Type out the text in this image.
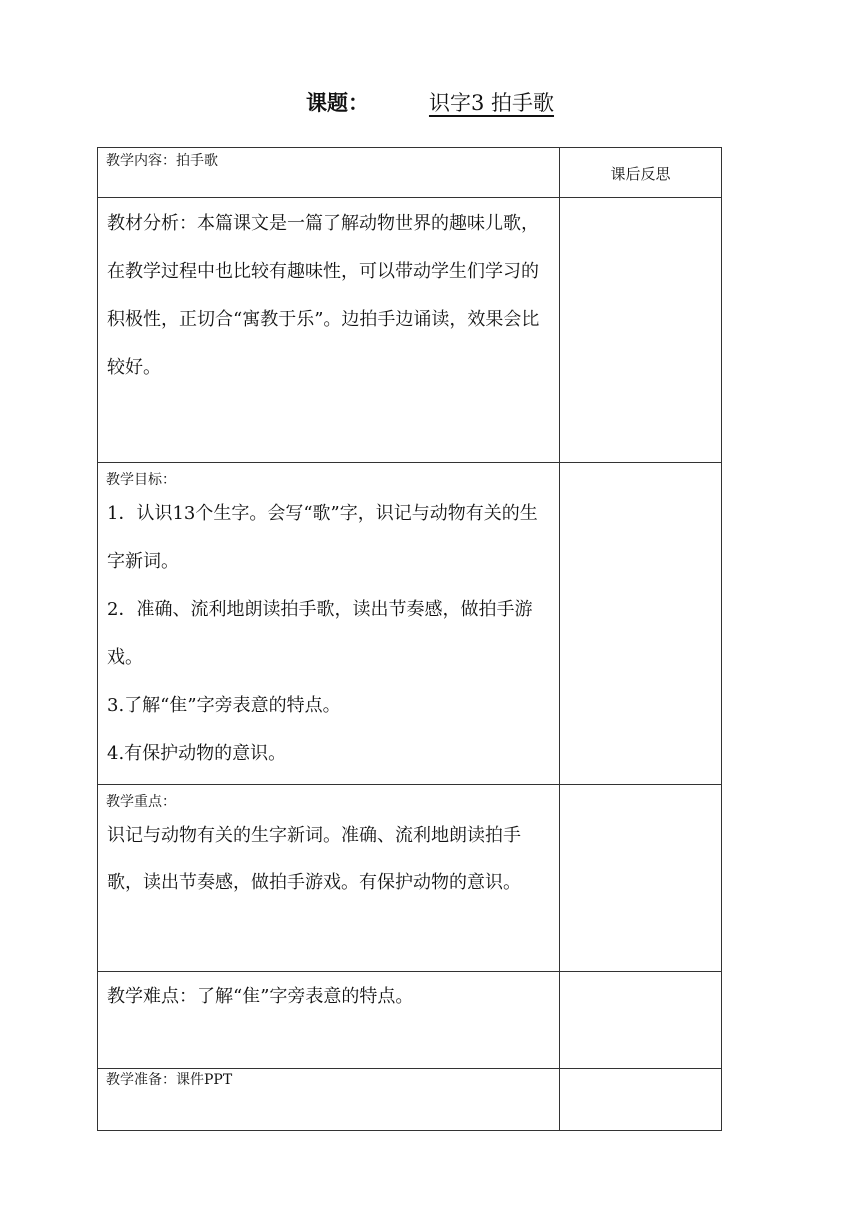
课题：	识字3 拍手歌
教学内容：拍手歌	课后反思

教材分析：本篇课文是一篇了解动物世界的趣味儿歌，在教学过程中也比较有趣味性，可以带动学生们学习的积极性，正切合“寓教于乐”。边拍手边诵读，效果会比较好。	

教学目标：

1．认识13个生字。会写“歌”字，识记与动物有关的生字新词。

2．准确、流利地朗读拍手歌，读出节奏感，做拍手游戏。

3.了解“隹”字旁表意的特点。

4.有保护动物的意识。	

教学重点：
识记与动物有关的生字新词。准确、流利地朗读拍手歌，读出节奏感，做拍手游戏。有保护动物的意识。	

教学难点：了解“隹”字旁表意的特点。	

教学准备：课件PPT	
